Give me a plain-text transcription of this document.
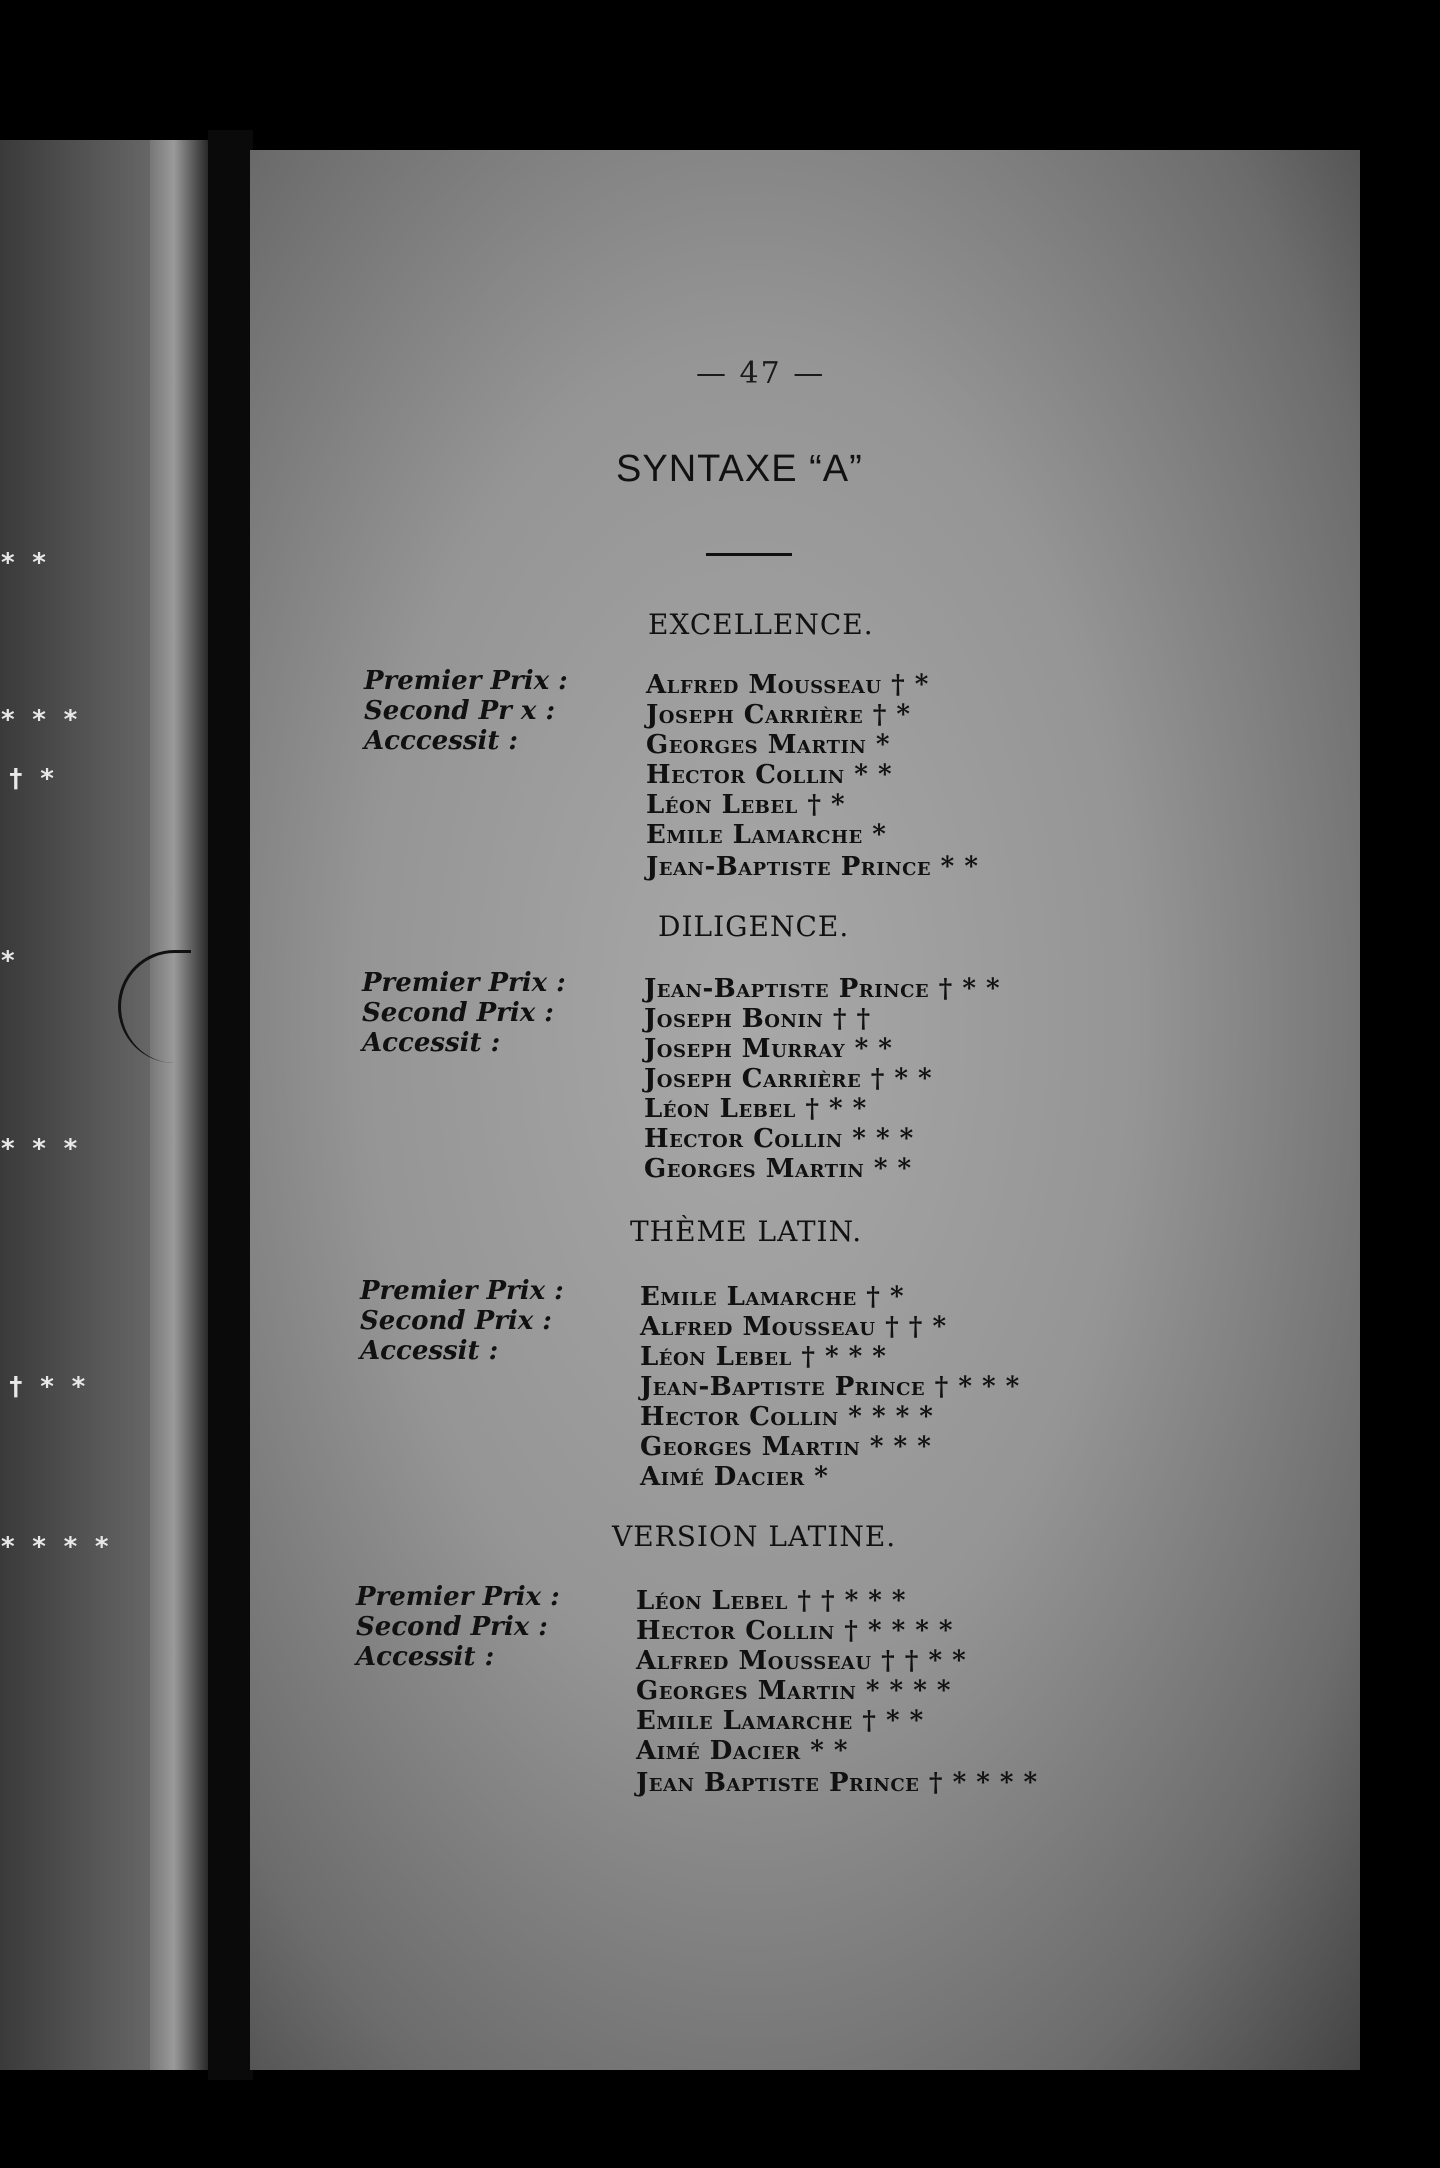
* *
* * *
† *
*
* * *
† * *
* * * *
— 47 —
SYNTAXE “A”
EXCELLENCE.
Premier Prix :
Second Pr x :
Acccessit :
Alfred Mousseau † *
Joseph Carrière † *
Georges Martin *
Hector Collin * *
Léon Lebel † *
Emile Lamarche *
Jean-Baptiste Prince * *
DILIGENCE.
Premier Prix :
Second Prix :
Accessit :
Jean-Baptiste Prince † * *
Joseph Bonin † †
Joseph Murray * *
Joseph Carrière † * *
Léon Lebel † * *
Hector Collin * * *
Georges Martin * *
THÈME LATIN.
Premier Prix :
Second Prix :
Accessit :
Emile Lamarche † *
Alfred Mousseau † † *
Léon Lebel † * * *
Jean-Baptiste Prince † * * *
Hector Collin * * * *
Georges Martin * * *
Aimé Dacier *
VERSION LATINE.
Premier Prix :
Second Prix :
Accessit :
Léon Lebel † † * * *
Hector Collin † * * * *
Alfred Mousseau † † * *
Georges Martin * * * *
Emile Lamarche † * *
Aimé Dacier * *
Jean Baptiste Prince † * * * *
